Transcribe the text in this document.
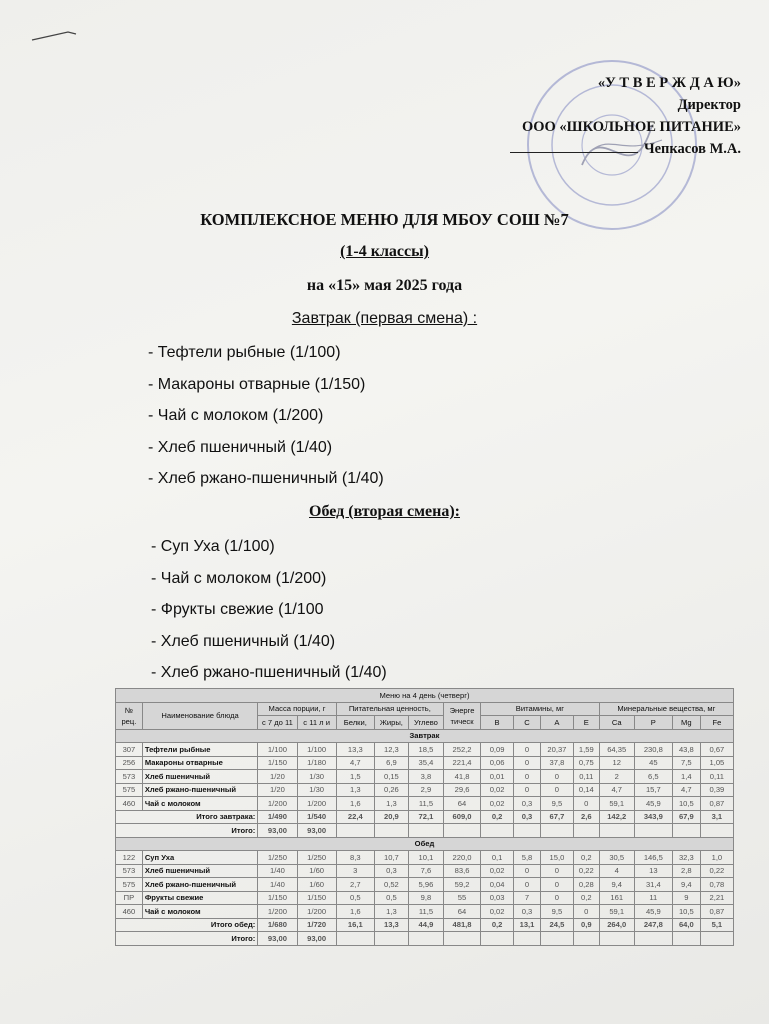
«У Т В Е Р Ж Д А Ю»
Директор
ООО «ШКОЛЬНОЕ ПИТАНИЕ»
Чепкасов М.А.
КОМПЛЕКСНОЕ МЕНЮ ДЛЯ МБОУ СОШ №7
(1-4 классы)
на «15» мая 2025 года
Завтрак (первая смена) :
- Тефтели рыбные (1/100)
- Макароны отварные (1/150)
- Чай с молоком (1/200)
- Хлеб пшеничный (1/40)
- Хлеб ржано-пшеничный (1/40)
Обед (вторая смена):
- Суп Уха (1/100)
- Чай с молоком (1/200)
- Фрукты свежие (1/100
- Хлеб пшеничный (1/40)
- Хлеб ржано-пшеничный (1/40)
Меню на 4 день (четверг)															
№ рец.	Наименование блюда	Масса порции, г		Питательная ценность,			Энерге тическ	Витамины, мг				Минеральные вещества, мг			
		с 7 до 11	с 11 л и	Белки,	Жиры,	Углево		B	C	A	E	Ca	P	Mg	Fe
Завтрак															
307	Тефтели рыбные	1/100	1/100	13,3	12,3	18,5	252,2	0,09	0	20,37	1,59	64,35	230,8	43,8	0,67
256	Макароны отварные	1/150	1/180	4,7	6,9	35,4	221,4	0,06	0	37,8	0,75	12	45	7,5	1,05
573	Хлеб пшеничный	1/20	1/30	1,5	0,15	3,8	41,8	0,01	0	0	0,11	2	6,5	1,4	0,11
575	Хлеб ржано-пшеничный	1/20	1/30	1,3	0,26	2,9	29,6	0,02	0	0	0,14	4,7	15,7	4,7	0,39
460	Чай с молоком	1/200	1/200	1,6	1,3	11,5	64	0,02	0,3	9,5	0	59,1	45,9	10,5	0,87
Итого завтрака:		1/490	1/540	22,4	20,9	72,1	609,0	0,2	0,3	67,7	2,6	142,2	343,9	67,9	3,1
Итого:		93,00	93,00												
Обед															
122	Суп Уха	1/250	1/250	8,3	10,7	10,1	220,0	0,1	5,8	15,0	0,2	30,5	146,5	32,3	1,0
573	Хлеб пшеничный	1/40	1/60	3	0,3	7,6	83,6	0,02	0	0	0,22	4	13	2,8	0,22
575	Хлеб ржано-пшеничный	1/40	1/60	2,7	0,52	5,96	59,2	0,04	0	0	0,28	9,4	31,4	9,4	0,78
ПР	Фрукты свежие	1/150	1/150	0,5	0,5	9,8	55	0,03	7	0	0,2	161	11	9	2,21
460	Чай с молоком	1/200	1/200	1,6	1,3	11,5	64	0,02	0,3	9,5	0	59,1	45,9	10,5	0,87
Итого обед:		1/680	1/720	16,1	13,3	44,9	481,8	0,2	13,1	24,5	0,9	264,0	247,8	64,0	5,1
Итого:		93,00	93,00												
